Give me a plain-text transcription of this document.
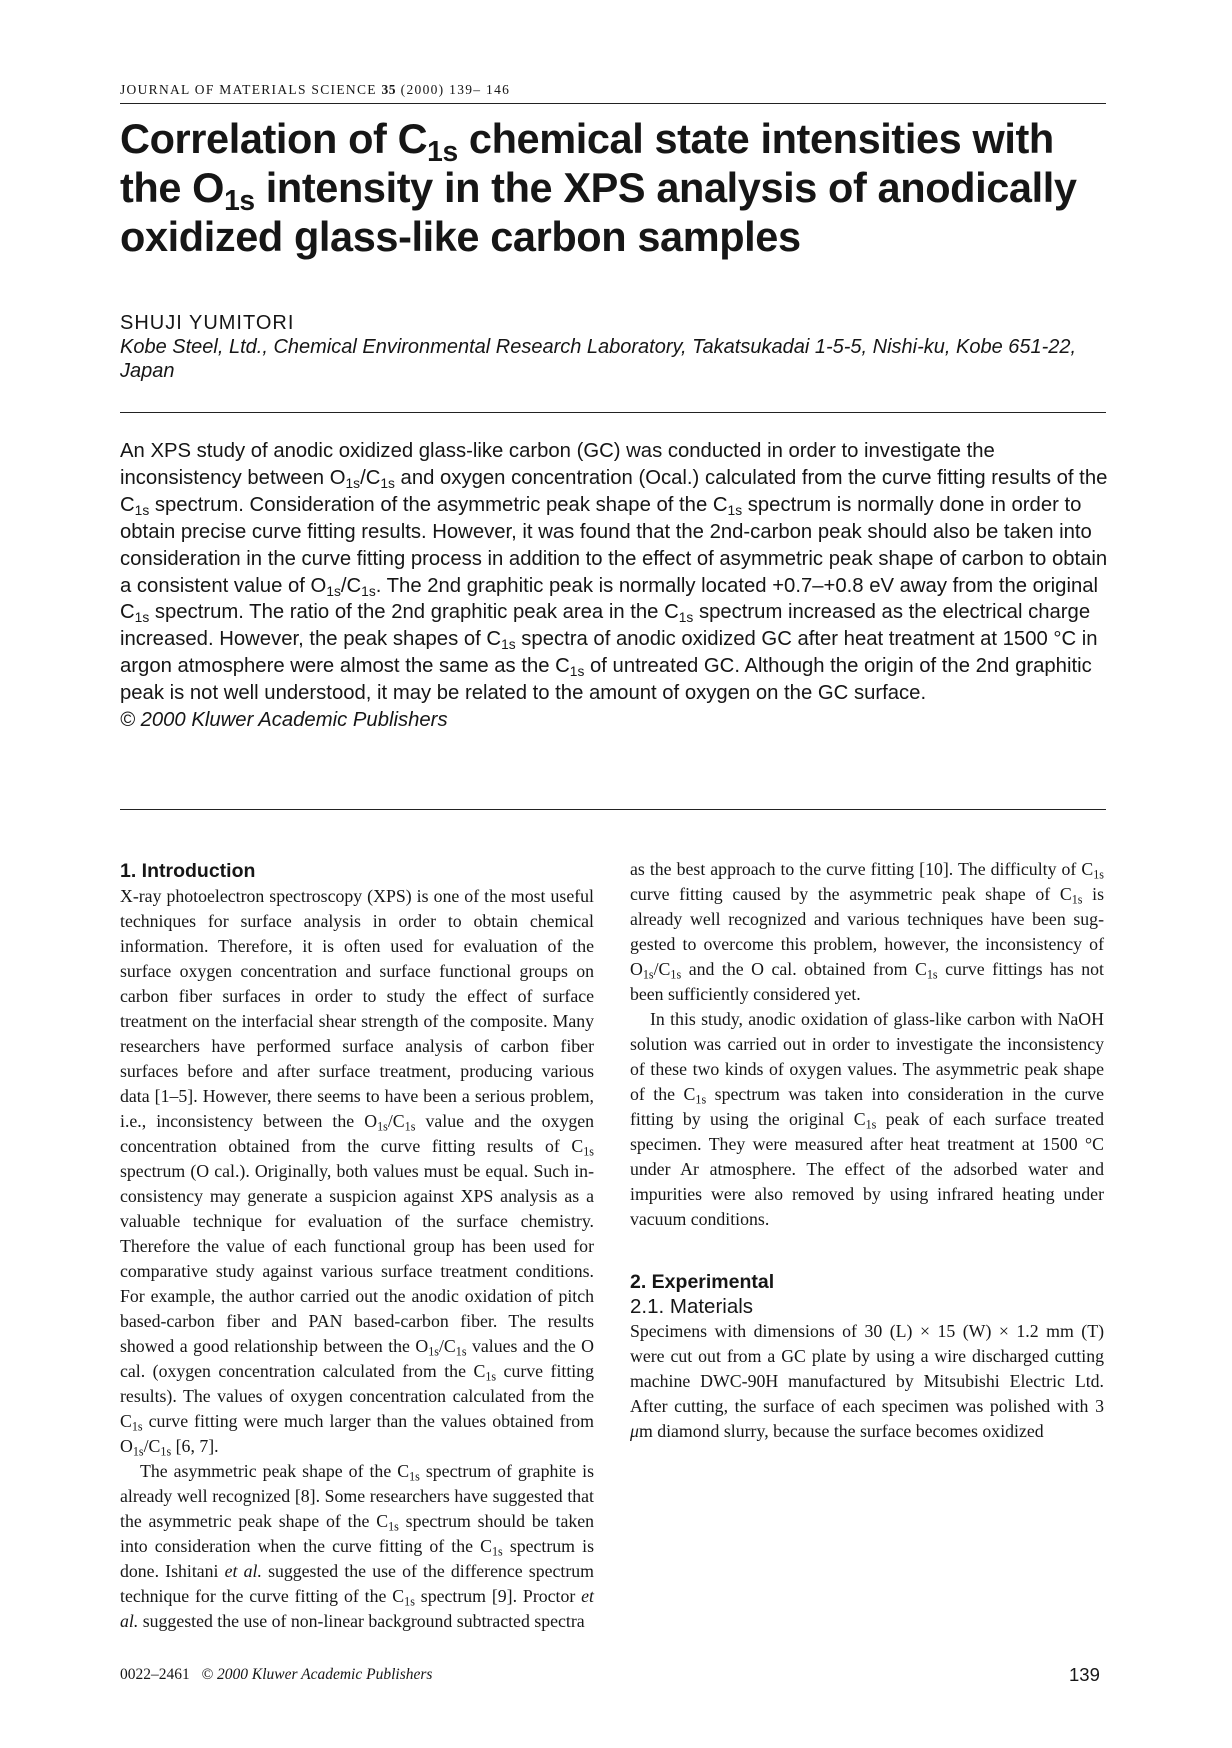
JOURNAL OF MATERIALS SCIENCE 35 (2000) 139– 146
Correlation of $C_{1s}$ chemical state intensities with the $O_{1s}$ intensity in the XPS analysis of anodically oxidized glass-like carbon samples
SHUJI YUMITORI
Kobe Steel, Ltd., Chemical Environmental Research Laboratory, Takatsukadai 1-5-5, Nishi-ku, Kobe 651-22, Japan
An XPS study of anodic oxidized glass-like carbon (GC) was conducted in order to investigate the inconsistency between $O_{1s}/C_{1s}$ and oxygen concentration (Ocal.) calculated from the curve fitting results of the $C_{1s}$ spectrum. Consideration of the asymmetric peak shape of the $C_{1s}$ spectrum is normally done in order to obtain precise curve fitting results. However, it was found that the 2nd-carbon peak should also be taken into consideration in the curve fitting process in addition to the effect of asymmetric peak shape of carbon to obtain a consistent value of $O_{1s}/C_{1s}$. The 2nd graphitic peak is normally located +0.7–+0.8 eV away from the original $C_{1s}$ spectrum. The ratio of the 2nd graphitic peak area in the $C_{1s}$ spectrum increased as the electrical charge increased. However, the peak shapes of $C_{1s}$ spectra of anodic oxidized GC after heat treatment at 1500 °C in argon atmosphere were almost the same as the $C_{1s}$ of untreated GC. Although the origin of the 2nd graphitic peak is not well understood, it may be related to the amount of oxygen on the GC surface.
© 2000 Kluwer Academic Publishers
1. Introduction

X-ray photoelectron spectroscopy (XPS) is one of the most useful techniques for surface analysis in order to obtain chemical information. Therefore, it is often used for evaluation of the surface oxygen concentration and surface functional groups on carbon fiber surfaces in order to study the effect of surface treatment on the interfacial shear strength of the composite. Many researchers have performed surface analysis of carbon fiber surfaces before and after surface treatment, producing various data [1–5]. However, there seems to have been a serious problem, i.e., inconsistency between the $O_{1s}/C_{1s}$ value and the oxygen concentration obtained from the curve fitting results of $C_{1s}$ spectrum (O cal.). Originally, both values must be equal. Such inconsistency may generate a suspicion against XPS analysis as a valuable technique for evaluation of the surface chemistry. Therefore the value of each functional group has been used for comparative study against various surface treatment conditions. For example, the author carried out the anodic oxidation of pitch based-carbon fiber and PAN based-carbon fiber. The results showed a good relationship between the $O_{1s}/C_{1s}$ values and the O cal. (oxygen concentration calculated from the $C_{1s}$ curve fitting results). The values of oxygen concentration calculated from the $C_{1s}$ curve fitting were much larger than the values obtained from $O_{1s}/C_{1s}$ [6, 7].

The asymmetric peak shape of the $C_{1s}$ spectrum of graphite is already well recognized [8]. Some researchers have suggested that the asymmetric peak shape of the $C_{1s}$ spectrum should be taken into consideration when the curve fitting of the $C_{1s}$ spectrum is done. Ishitani et al. suggested the use of the difference spectrum technique for the curve fitting of the $C_{1s}$ spectrum [9]. Proctor et al. suggested the use of non-linear background subtracted spectra

as the best approach to the curve fitting [10]. The difficulty of $C_{1s}$ curve fitting caused by the asymmetric peak shape of $C_{1s}$ is already well recognized and various techniques have been suggested to overcome this problem, however, the inconsistency of $O_{1s}/C_{1s}$ and the O cal. obtained from $C_{1s}$ curve fittings has not been sufficiently considered yet.

In this study, anodic oxidation of glass-like carbon with NaOH solution was carried out in order to investigate the inconsistency of these two kinds of oxygen values. The asymmetric peak shape of the $C_{1s}$ spectrum was taken into consideration in the curve fitting by using the original $C_{1s}$ peak of each surface treated specimen. They were measured after heat treatment at 1500 °C under Ar atmosphere. The effect of the adsorbed water and impurities were also removed by using infrared heating under vacuum conditions.

2. Experimental
2.1. Materials

Specimens with dimensions of 30 (L) × 15 (W) × 1.2 mm (T) were cut out from a GC plate by using a wire discharged cutting machine DWC-90H manufactured by Mitsubishi Electric Ltd. After cutting, the surface of each specimen was polished with 3 μm diamond slurry, because the surface becomes oxidized

0022–2461 © 2000 Kluwer Academic Publishers	139
